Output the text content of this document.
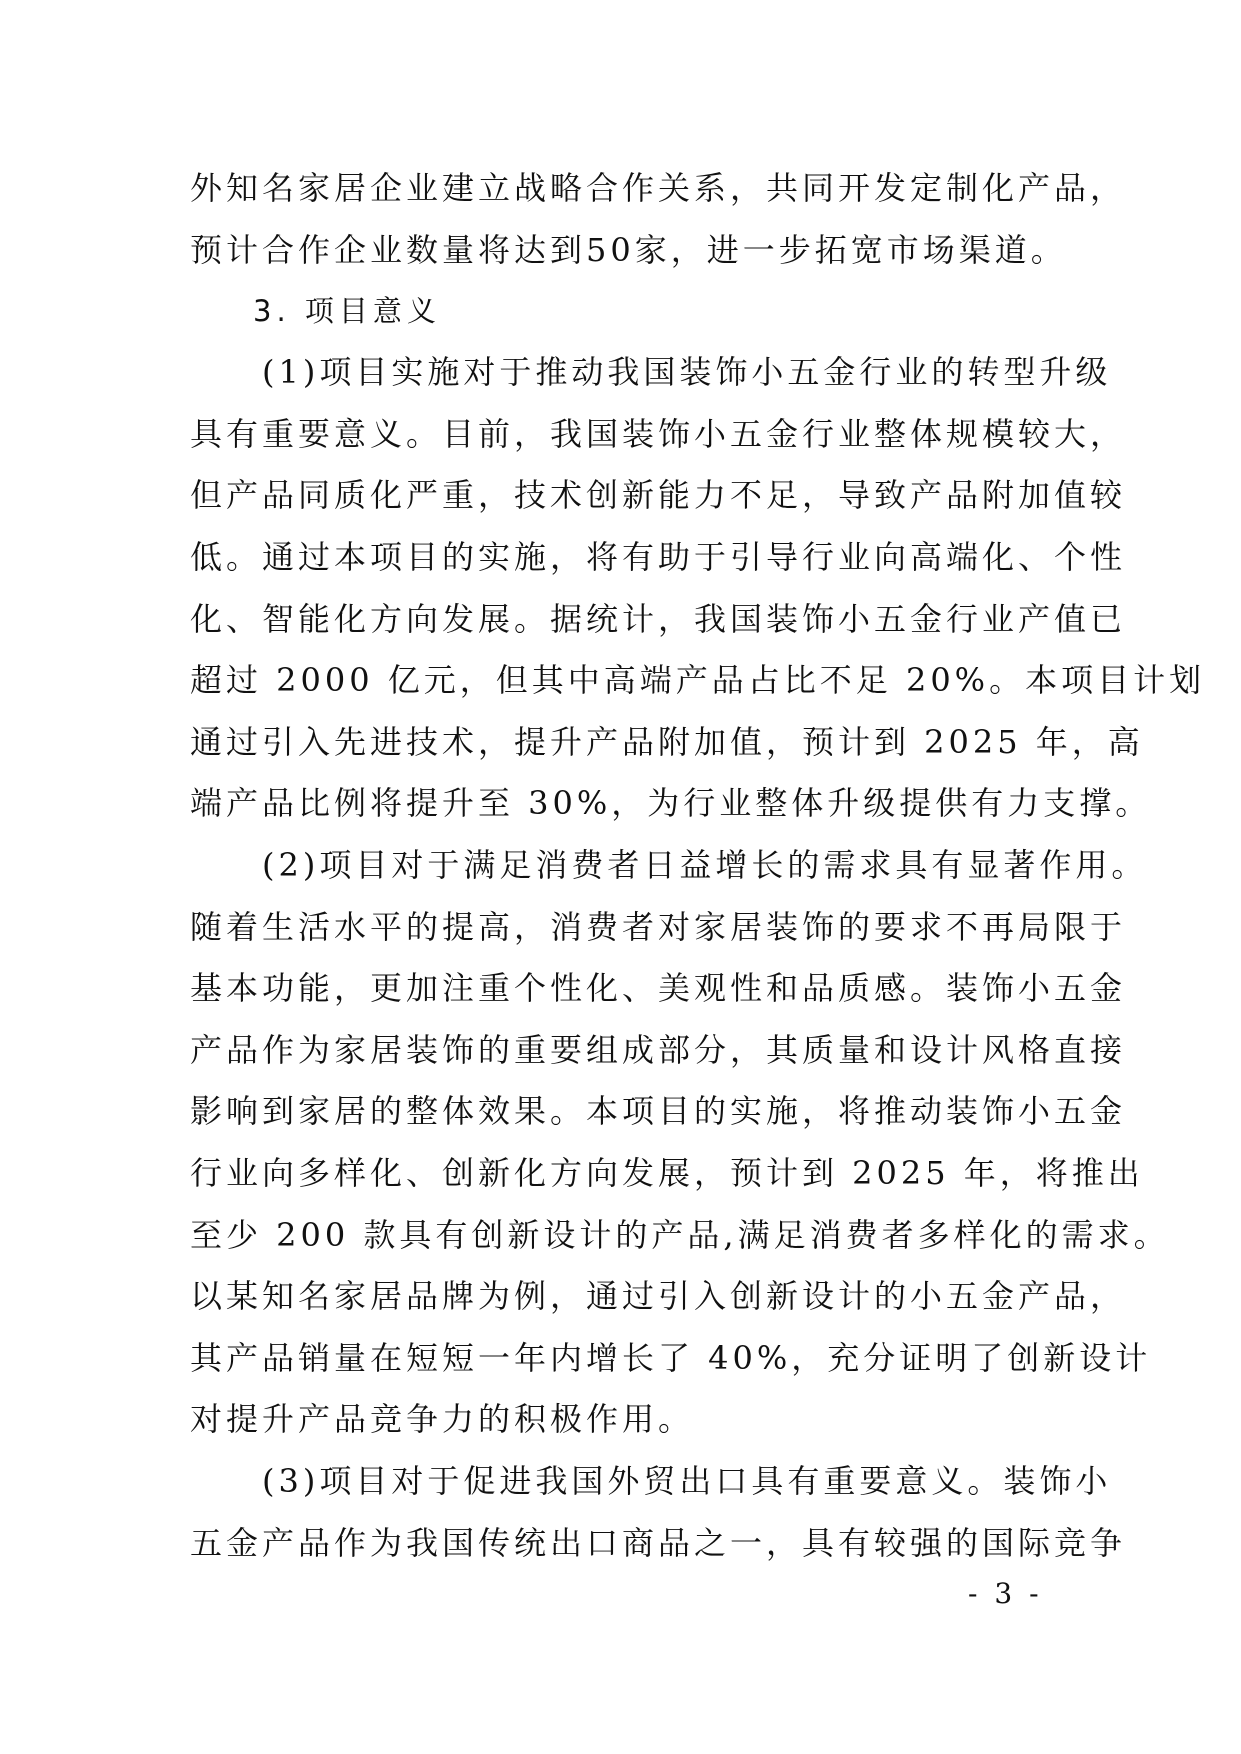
外知名家居企业建立战略合作关系，共同开发定制化产品，

预计合作企业数量将达到50家，进一步拓宽市场渠道。

3. 项目意义

(1)项目实施对于推动我国装饰小五金行业的转型升级

具有重要意义。目前，我国装饰小五金行业整体规模较大，

但产品同质化严重，技术创新能力不足，导致产品附加值较

低。通过本项目的实施，将有助于引导行业向高端化、个性

化、智能化方向发展。据统计，我国装饰小五金行业产值已

超过 2000 亿元，但其中高端产品占比不足 20%。本项目计划

通过引入先进技术，提升产品附加值，预计到 2025 年，高

端产品比例将提升至 30%，为行业整体升级提供有力支撑。

(2)项目对于满足消费者日益增长的需求具有显著作用。

随着生活水平的提高，消费者对家居装饰的要求不再局限于

基本功能，更加注重个性化、美观性和品质感。装饰小五金

产品作为家居装饰的重要组成部分，其质量和设计风格直接

影响到家居的整体效果。本项目的实施，将推动装饰小五金

行业向多样化、创新化方向发展，预计到 2025 年，将推出

至少 200 款具有创新设计的产品,满足消费者多样化的需求。

以某知名家居品牌为例，通过引入创新设计的小五金产品，

其产品销量在短短一年内增长了 40%，充分证明了创新设计

对提升产品竞争力的积极作用。

(3)项目对于促进我国外贸出口具有重要意义。装饰小

五金产品作为我国传统出口商品之一，具有较强的国际竞争

- 3 -
